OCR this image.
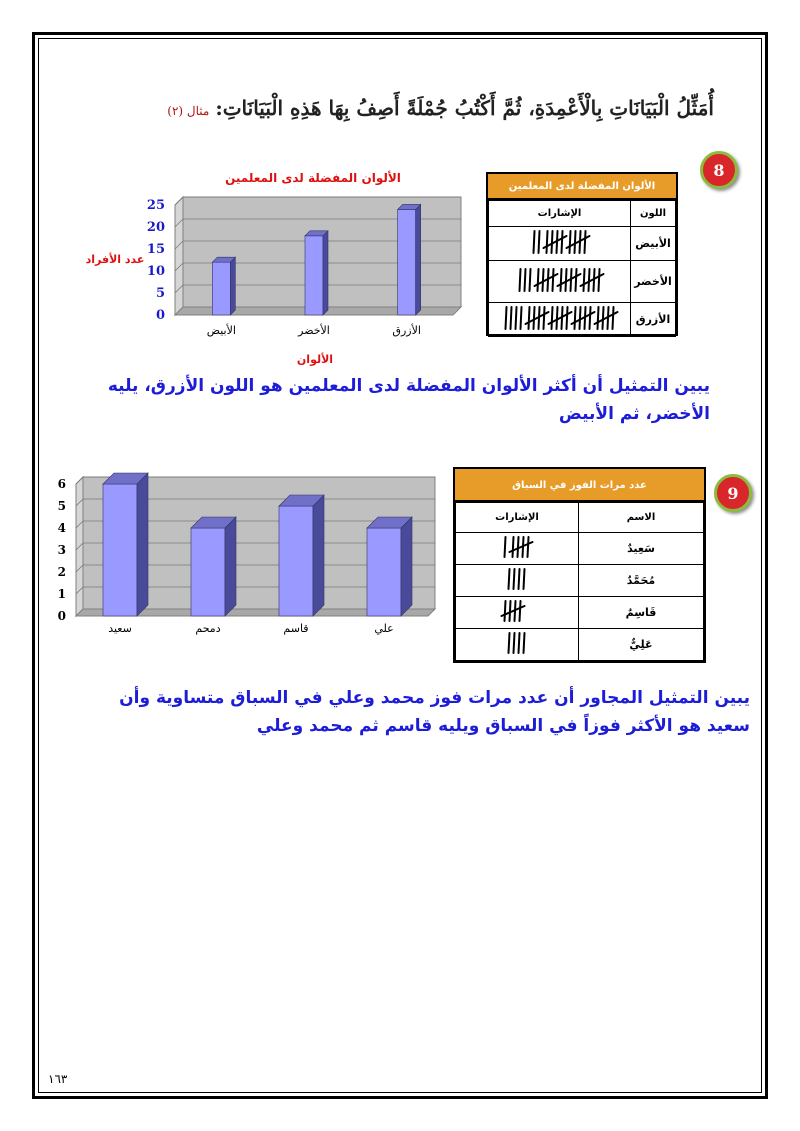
أُمَثِّلُ الْبَيَانَاتِ بِالْأَعْمِدَةِ، ثُمَّ أَكْتُبُ جُمْلَةً أَصِفُ بِهَا هَذِهِ الْبَيَانَاتِ:مثال (٢)
8
الألوان المفضلة لدى المعلمين
اللون	الإشارات
الأبيض	
الأخضر	
الأزرق	
الألوان المفضلة لدى المعلمين
0
5
10
15
20
25
الأبيض	الأخضر	الأزرق
الألوان
عدد الأفراد
يبين التمثيل أن أكثر الألوان المفضلة لدى المعلمين هو اللون الأزرق، يليه الأخضر، ثم الأبيض
9
عدد مرات الفوز في السباق
الاسم	الإشارات
سَعِيدٌ	
مُحَمَّدٌ	
قَاسِمٌ	
عَلِيٌّ	
0
1
2
3
4
5
6
سعيد	دمحم	قاسم	علي
يبين التمثيل المجاور أن عدد مرات فوز محمد وعلي في السباق متساوية وأن سعيد هو الأكثر فوزاً في السباق ويليه قاسم ثم محمد وعلي
١٦٣
